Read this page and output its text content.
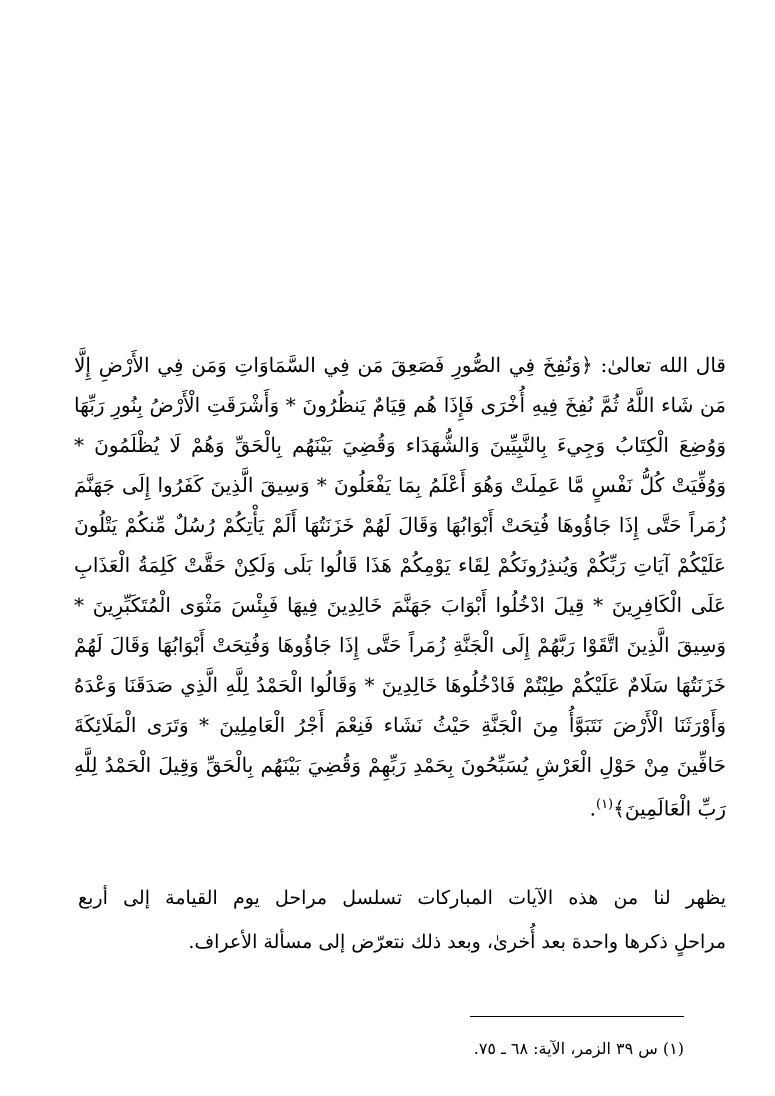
قال الله تعالىٰ: ﴿وَنُفِخَ فِي الصُّورِ فَصَعِقَ مَن فِي السَّمَاوَاتِ وَمَن فِي الأَرْضِ إِلَّا
مَن شَاء اللَّهُ ثُمَّ نُفِخَ فِيهِ أُخْرَى فَإِذَا هُم قِيَامٌ يَنظُرُونَ * وَأَشْرَقَتِ الْأَرْضُ بِنُورِ رَبِّهَا
وَوُضِعَ الْكِتَابُ وَجِيءَ بِالنَّبِيِّينَ وَالشُّهَدَاء وَقُضِيَ بَيْنَهُم بِالْحَقِّ وَهُمْ لَا يُظْلَمُونَ *
وَوُفِّيَتْ كُلُّ نَفْسٍ مَّا عَمِلَتْ وَهُوَ أَعْلَمُ بِمَا يَفْعَلُونَ * وَسِيقَ الَّذِينَ كَفَرُوا إِلَى جَهَنَّمَ
زُمَراً حَتَّى إِذَا جَاؤُوهَا فُتِحَتْ أَبْوَابُهَا وَقَالَ لَهُمْ خَزَنَتُهَا أَلَمْ يَأْتِكُمْ رُسُلٌ مِّنكُمْ يَتْلُونَ
عَلَيْكُمْ آيَاتِ رَبِّكُمْ وَيُنذِرُونَكُمْ لِقَاء يَوْمِكُمْ هَذَا قَالُوا بَلَى وَلَكِنْ حَقَّتْ كَلِمَةُ الْعَذَابِ
عَلَى الْكَافِرِينَ * قِيلَ ادْخُلُوا أَبْوَابَ جَهَنَّمَ خَالِدِينَ فِيهَا فَبِئْسَ مَثْوَى الْمُتَكَبِّرِينَ *
وَسِيقَ الَّذِينَ اتَّقَوْا رَبَّهُمْ إِلَى الْجَنَّةِ زُمَراً حَتَّى إِذَا جَاؤُوهَا وَفُتِحَتْ أَبْوَابُهَا وَقَالَ لَهُمْ
خَزَنَتُهَا سَلَامٌ عَلَيْكُمْ طِبْتُمْ فَادْخُلُوهَا خَالِدِينَ * وَقَالُوا الْحَمْدُ لِلَّهِ الَّذِي صَدَقَنَا وَعْدَهُ
وَأَوْرَثَنَا الْأَرْضَ نَتَبَوَّأُ مِنَ الْجَنَّةِ حَيْثُ نَشَاء فَنِعْمَ أَجْرُ الْعَامِلِينَ * وَتَرَى الْمَلَائِكَةَ
حَافِّينَ مِنْ حَوْلِ الْعَرْشِ يُسَبِّحُونَ بِحَمْدِ رَبِّهِمْ وَقُضِيَ بَيْنَهُم بِالْحَقِّ وَقِيلَ الْحَمْدُ لِلَّهِ
رَبِّ الْعَالَمِينَ﴾$^{(١)}$.
يظهر لنا من هذه الآيات المباركات تسلسل مراحل يوم القيامة إلى أربع
مراحلٍ ذكرها واحدة بعد أُخرىٰ، وبعد ذلك نتعرّض إلى مسألة الأعراف.

(١) س ٣٩ الزمر، الآية: ٦٨ ـ ٧٥.
